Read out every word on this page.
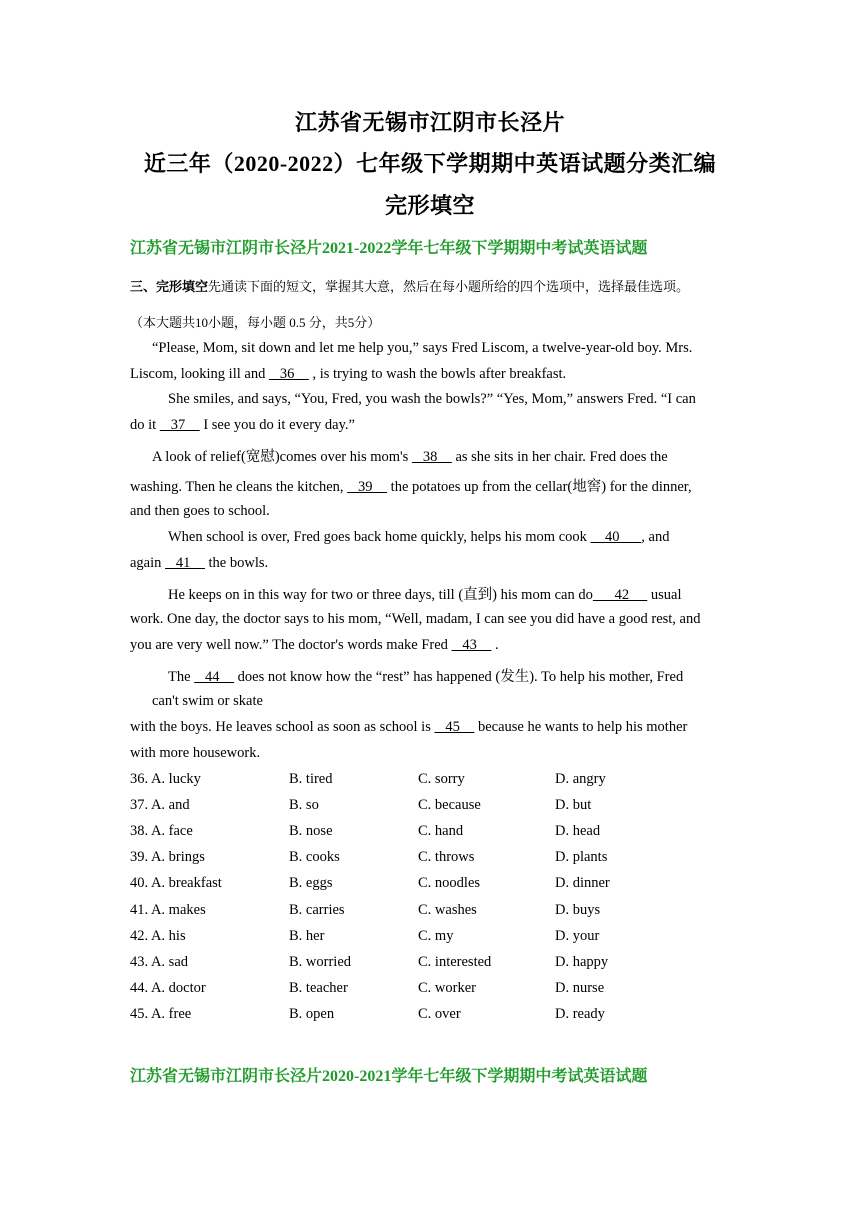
江苏省无锡市江阴市长泾片
近三年（2020-2022）七年级下学期期中英语试题分类汇编
完形填空
江苏省无锡市江阴市长泾片2021-2022学年七年级下学期期中考试英语试题
三、完形填空先通读下面的短文，掌握其大意，然后在每小题所给的四个选项中，选择最佳选项。
（本大题共10小题，每小题 0.5 分，共5分）
“Please, Mom, sit down and let me help you,” says Fred Liscom, a twelve-year-old boy. Mrs.
Liscom, looking ill and    36     , is trying to wash the bowls after breakfast.
She smiles, and says, “You, Fred, you wash the bowls?” “Yes, Mom,” answers Fred. “I can
do it    37     I see you do it every day.”
A look of relief(宽慰)comes over his mom's    38     as she sits in her chair. Fred does the
washing. Then he cleans the kitchen,    39     the potatoes up from the cellar(地窖) for the dinner,
and then goes to school.
When school is over, Fred goes back home quickly, helps his mom cook     40      , and
again    41     the bowls.
He keeps on in this way for two or three days, till (直到) his mom can do      42      usual
work. One day, the doctor says to his mom, “Well, madam, I can see you did have a good rest, and
you are very well now.” The doctor's words make Fred    43     .
The    44     does not know how the “rest” has happened (发生). To help his mother, Fred
can't swim or skate
with the boys. He leaves school as soon as school is    45     because he wants to help his mother
with more housework.
36. A. lucky	B. tired	C. sorry	D. angry
37. A. and	B. so	C. because	D. but
38. A. face	B. nose	C. hand	D. head
39. A. brings	B. cooks	C. throws	D. plants
40. A. breakfast	B. eggs	C. noodles	D. dinner
41. A. makes	B. carries	C. washes	D. buys
42. A. his	B. her	C. my	D. your
43. A. sad	B. worried	C. interested	D. happy
44. A. doctor	B. teacher	C. worker	D. nurse
45. A. free	B. open	C. over	D. ready
江苏省无锡市江阴市长泾片2020-2021学年七年级下学期期中考试英语试题
